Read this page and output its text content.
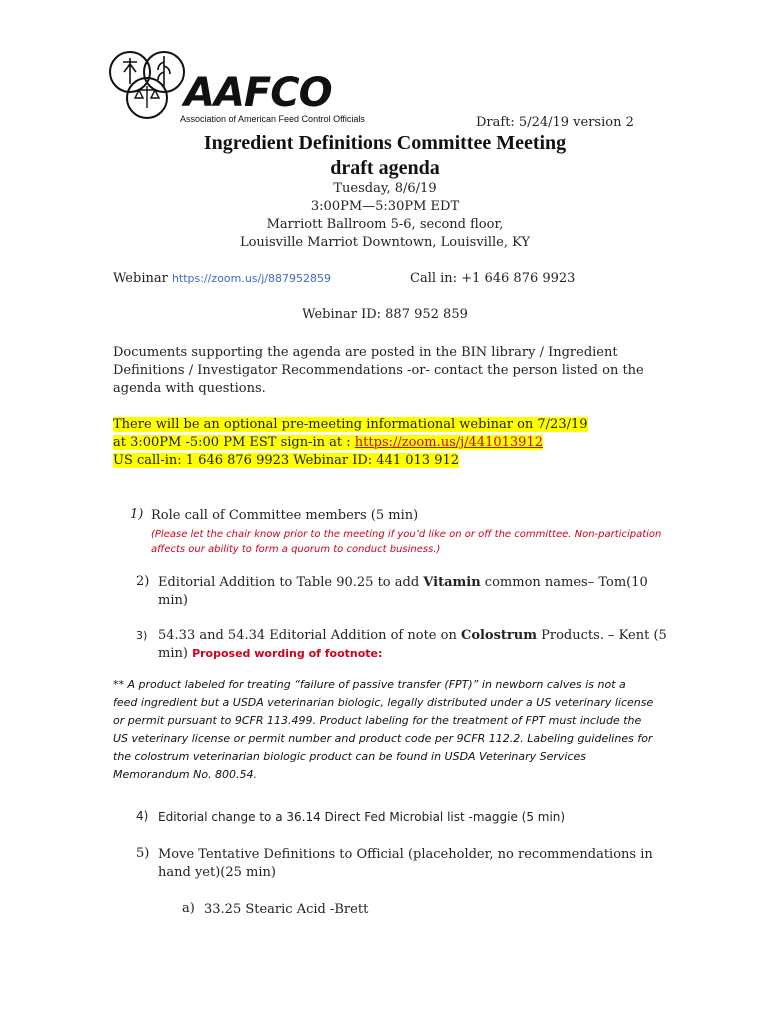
AAFCO
Association of American Feed Control Officials	Draft: 5/24/19 version 2
Ingredient Definitions Committee Meeting
draft agenda
Tuesday, 8/6/19
3:00PM—5:30PM EDT
Marriott Ballroom 5-6, second floor,
Louisville Marriot Downtown, Louisville, KY
Webinar https://zoom.us/j/887952859	Call in: +1 646 876 9923
Webinar ID: 887 952 859
Documents supporting the agenda are posted in the BIN library / Ingredient
Definitions / Investigator Recommendations -or- contact the person listed on the
agenda with questions.
There will be an optional pre-meeting informational webinar on 7/23/19
at 3:00PM -5:00 PM EST sign-in at : https://zoom.us/j/441013912
US call-in: 1 646 876 9923 Webinar ID: 441 013 912
1) Role call of Committee members (5 min)
(Please let the chair know prior to the meeting if you’d like on or off the committee. Non-participation
affects our ability to form a quorum to conduct business.)
2) Editorial Addition to Table 90.25 to add Vitamin common names– Tom(10
min)
3) 54.33 and 54.34 Editorial Addition of note on Colostrum Products. – Kent (5
min) Proposed wording of footnote:
** A product labeled for treating “failure of passive transfer (FPT)” in newborn calves is not a
feed ingredient but a USDA veterinarian biologic, legally distributed under a US veterinary license
or permit pursuant to 9CFR 113.499. Product labeling for the treatment of FPT must include the
US veterinary license or permit number and product code per 9CFR 112.2. Labeling guidelines for
the colostrum veterinarian biologic product can be found in USDA Veterinary Services
Memorandum No. 800.54.
4) Editorial change to a 36.14 Direct Fed Microbial list -maggie (5 min)
5) Move Tentative Definitions to Official (placeholder, no recommendations in
hand yet)(25 min)
a) 33.25 Stearic Acid -Brett
